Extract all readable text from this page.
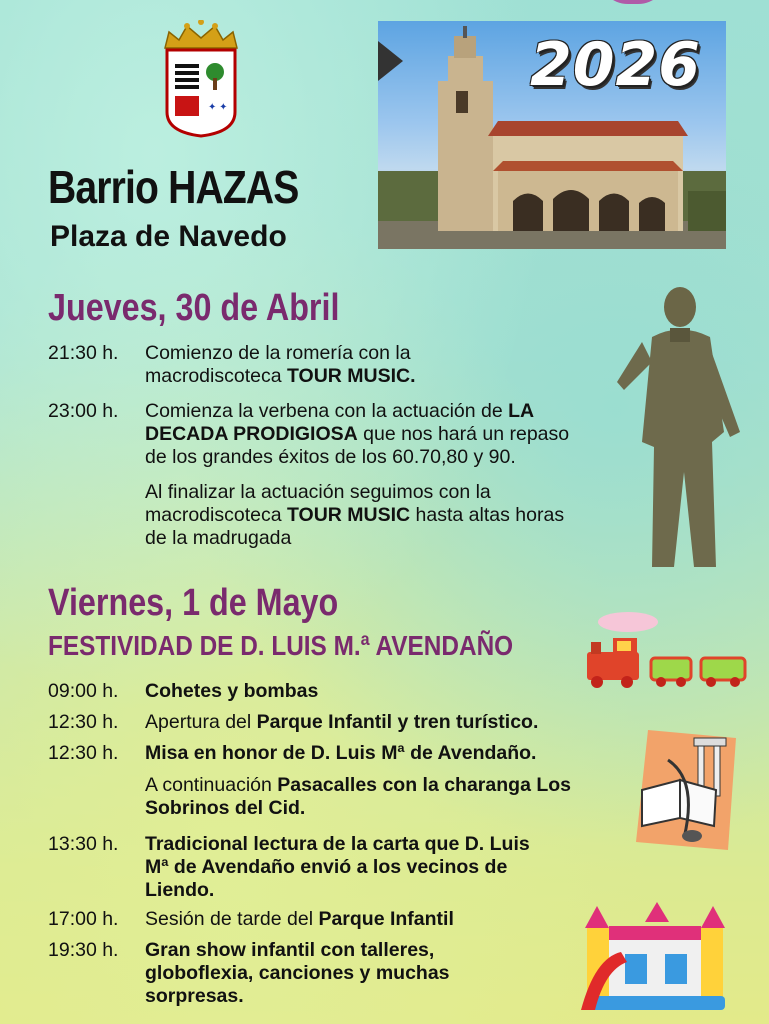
✦ ✦
Barrio HAZAS
Plaza de Navedo
2026
Jueves, 30 de Abril
21:30 h. Comienzo de la romería con la macrodiscoteca TOUR MUSIC.
23:00 h. Comienza la verbena con la actuación de LA DECADA PRODIGIOSA que nos hará un repaso de los grandes éxitos de los 60.70,80 y 90.
Al finalizar la actuación seguimos con la macrodiscoteca TOUR MUSIC hasta altas horas de la madrugada
Viernes, 1 de Mayo
FESTIVIDAD DE D. LUIS M.ª AVENDAÑO
09:00 h. Cohetes y bombas
12:30 h. Apertura del Parque Infantil y tren turístico.
12:30 h. Misa en honor de D. Luis Mª de Avendaño.
A continuación Pasacalles con la charanga Los Sobrinos del Cid.
13:30 h. Tradicional lectura de la carta que D. Luis Mª de Avendaño envió a los vecinos de Liendo.
17:00 h. Sesión de tarde del Parque Infantil
19:30 h. Gran show infantil con talleres, globoflexia, canciones y muchas sorpresas.
